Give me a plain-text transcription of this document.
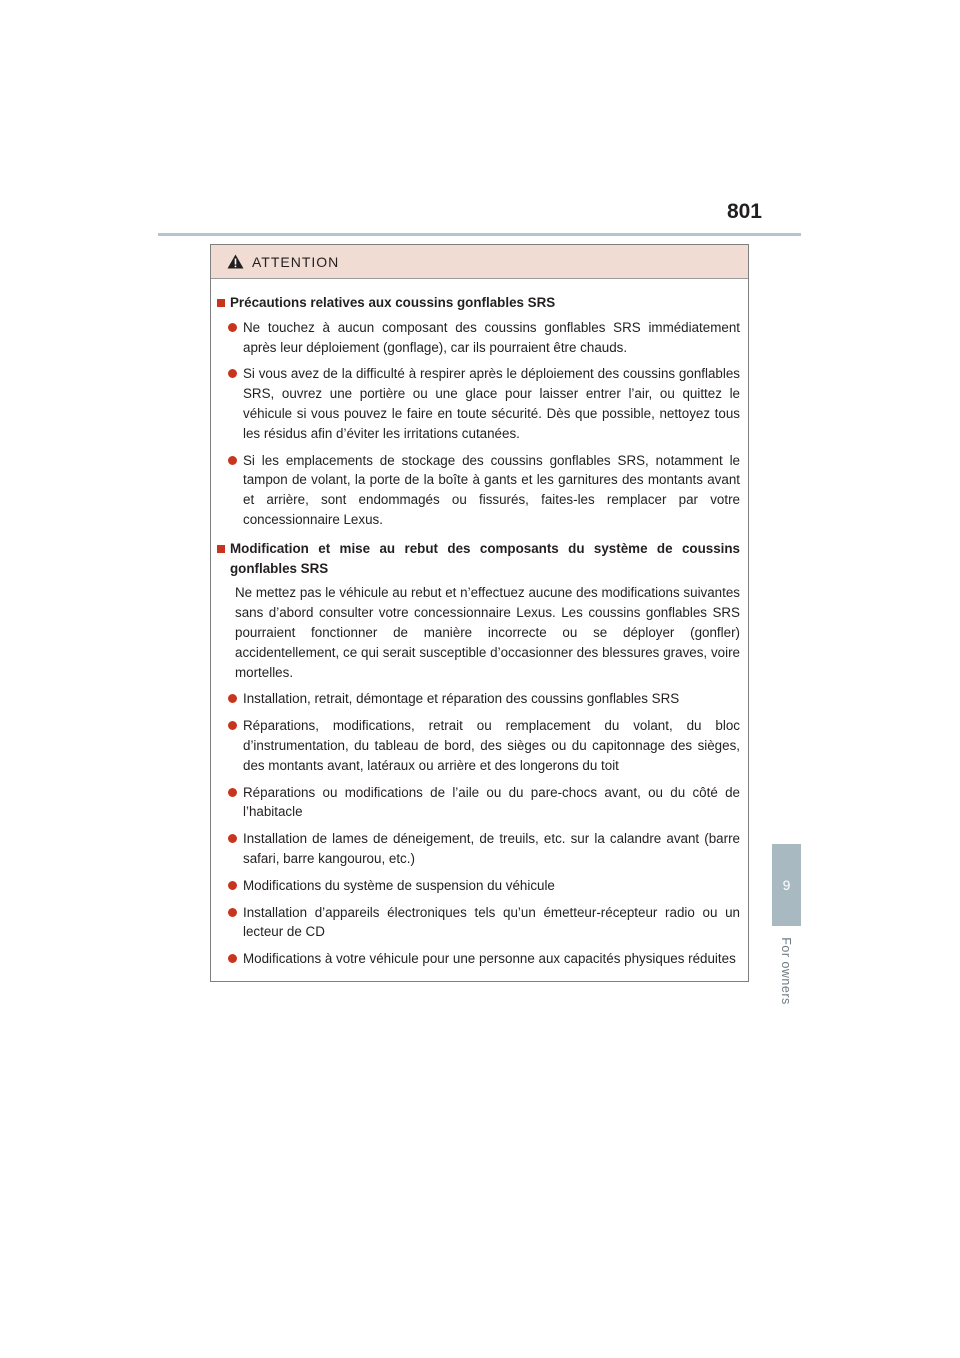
801
9
For owners
ATTENTION
Précautions relatives aux coussins gonflables SRS
Ne touchez à aucun composant des coussins gonflables SRS immédiatement après leur déploiement (gonflage), car ils pourraient être chauds.
Si vous avez de la difficulté à respirer après le déploiement des coussins gonflables SRS, ouvrez une portière ou une glace pour laisser entrer l’air, ou quittez le véhicule si vous pouvez le faire en toute sécurité. Dès que possible, nettoyez tous les résidus afin d’éviter les irritations cutanées.
Si les emplacements de stockage des coussins gonflables SRS, notamment le tampon de volant, la porte de la boîte à gants et les garnitures des montants avant et arrière, sont endommagés ou fissurés, faites-les remplacer par votre concessionnaire Lexus.
Modification et mise au rebut des composants du système de coussins gonflables SRS
Ne mettez pas le véhicule au rebut et n’effectuez aucune des modifications suivantes sans d’abord consulter votre concessionnaire Lexus. Les coussins gonflables SRS pourraient fonctionner de manière incorrecte ou se déployer (gonfler) accidentellement, ce qui serait susceptible d’occasionner des blessures graves, voire mortelles.
Installation, retrait, démontage et réparation des coussins gonflables SRS
Réparations, modifications, retrait ou remplacement du volant, du bloc d’instrumentation, du tableau de bord, des sièges ou du capitonnage des sièges, des montants avant, latéraux ou arrière et des longerons du toit
Réparations ou modifications de l’aile ou du pare-chocs avant, ou du côté de l’habitacle
Installation de lames de déneigement, de treuils, etc. sur la calandre avant (barre safari, barre kangourou, etc.)
Modifications du système de suspension du véhicule
Installation d’appareils électroniques tels qu’un émetteur-récepteur radio ou un lecteur de CD
Modifications à votre véhicule pour une personne aux capacités physiques réduites
